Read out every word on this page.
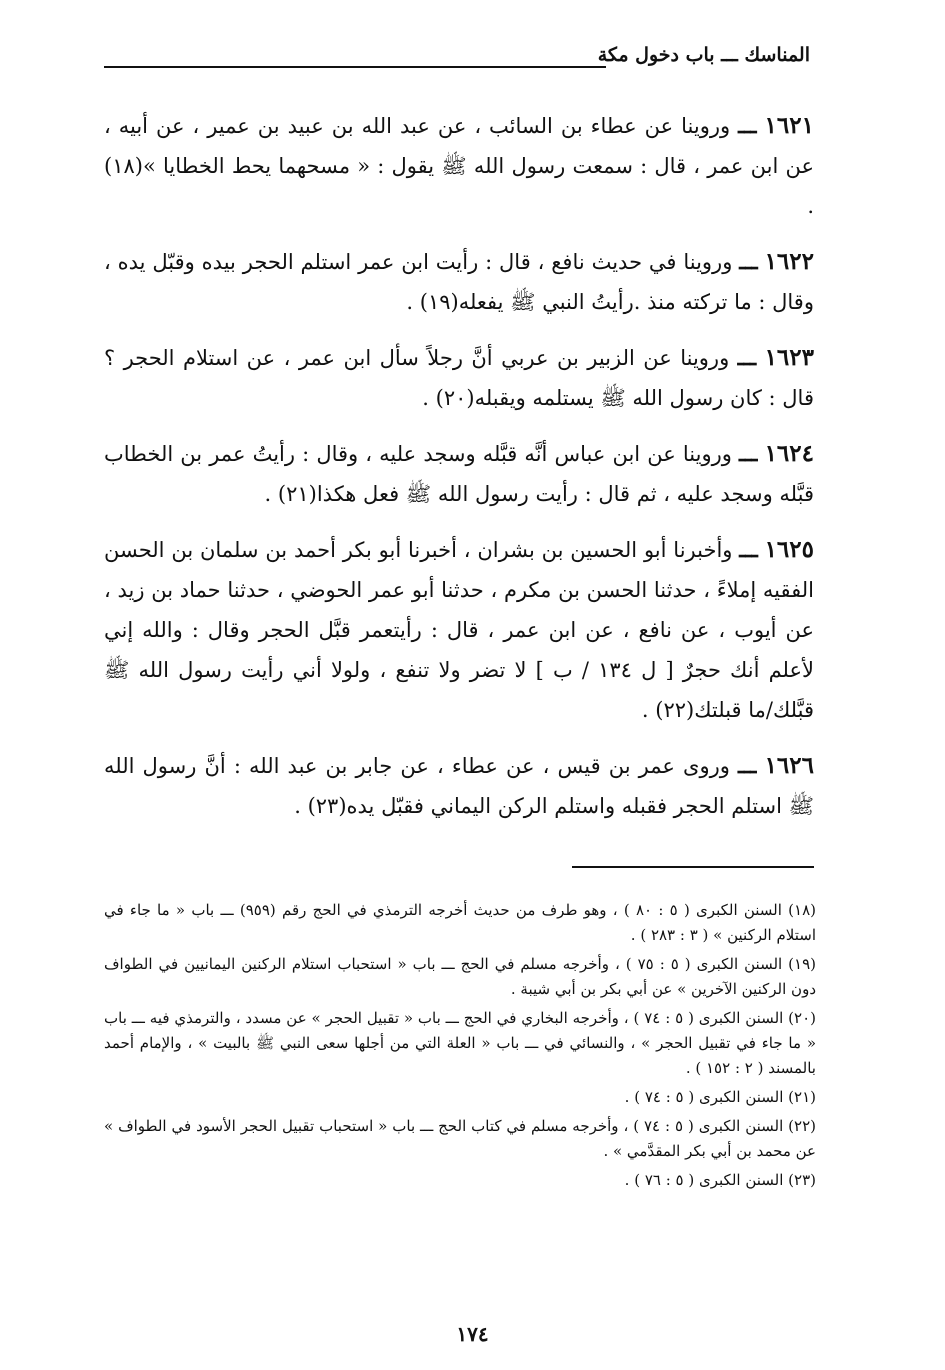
المناسك ـــ باب دخول مكة

١٦٢١ ـــ وروينا عن عطاء بن السائب ، عن عبد الله بن عبيد بن عمير ، عن أبيه ، عن ابن عمر ، قال : سمعت رسول الله ﷺ يقول : « مسحهما يحط الخطايا »(١٨) .

١٦٢٢ ـــ وروينا في حديث نافع ، قال : رأيت ابن عمر استلم الحجر بيده وقبّل يده ، وقال : ما تركته منذ .رأيتُ النبي ﷺ يفعله(١٩) .

١٦٢٣ ـــ وروينا عن الزبير بن عربي أنَّ رجلاً سأل ابن عمر ، عن استلام الحجر ؟ قال : كان رسول الله ﷺ يستلمه ويقبله(٢٠) .

١٦٢٤ ـــ وروينا عن ابن عباس أنَّه قبَّله وسجد عليه ، وقال : رأيتُ عمر بن الخطاب قبَّله وسجد عليه ، ثم قال : رأيت رسول الله ﷺ فعل هكذا(٢١) .

١٦٢٥ ـــ وأخبرنا أبو الحسين بن بشران ، أخبرنا أبو بكر أحمد بن سلمان بن الحسن الفقيه إملاءً ، حدثنا الحسن بن مكرم ، حدثنا أبو عمر الحوضي ، حدثنا حماد بن زيد ، عن أيوب ، عن نافع ، عن ابن عمر ، قال : رأيتعمر قبَّل الحجر وقال : والله إني لأعلم أنك حجرٌ [ ل ١٣٤ / ب ] لا تضر ولا تنفع ، ولولا أني رأيت رسول الله ﷺ قبَّلك/ما قبلتك(٢٢) .

١٦٢٦ ـــ وروى عمر بن قيس ، عن عطاء ، عن جابر بن عبد الله : أنَّ رسول الله ﷺ استلم الحجر فقبله واستلم الركن اليماني فقبّل يده(٢٣) .

(١٨) السنن الكبرى ( ٥ : ٨٠ ) ، وهو طرف من حديث أخرجه الترمذي في الحج رقم (٩٥٩) ـــ باب « ما جاء في استلام الركنين » ( ٣ : ٢٨٣ ) .

(١٩) السنن الكبرى ( ٥ : ٧٥ ) ، وأخرجه مسلم في الحج ـــ باب « استحباب استلام الركنين اليمانيين في الطواف دون الركنين الآخرين » عن أبي بكر بن أبي شيبة .

(٢٠) السنن الكبرى ( ٥ : ٧٤ ) ، وأخرجه البخاري في الحج ـــ باب « تقبيل الحجر » عن مسدد ، والترمذي فيه ـــ باب « ما جاء في تقبيل الحجر » ، والنسائي في ـــ باب « العلة التي من أجلها سعى النبي ﷺ بالبيت » ، والإمام أحمد بالمسند ( ٢ : ١٥٢ ) .

(٢١) السنن الكبرى ( ٥ : ٧٤ ) .

(٢٢) السنن الكبرى ( ٥ : ٧٤ ) ، وأخرجه مسلم في كتاب الحج ـــ باب « استحباب تقبيل الحجر الأسود في الطواف » عن محمد بن أبي بكر المقدَّمي » .

(٢٣) السنن الكبرى ( ٥ : ٧٦ ) .

١٧٤
